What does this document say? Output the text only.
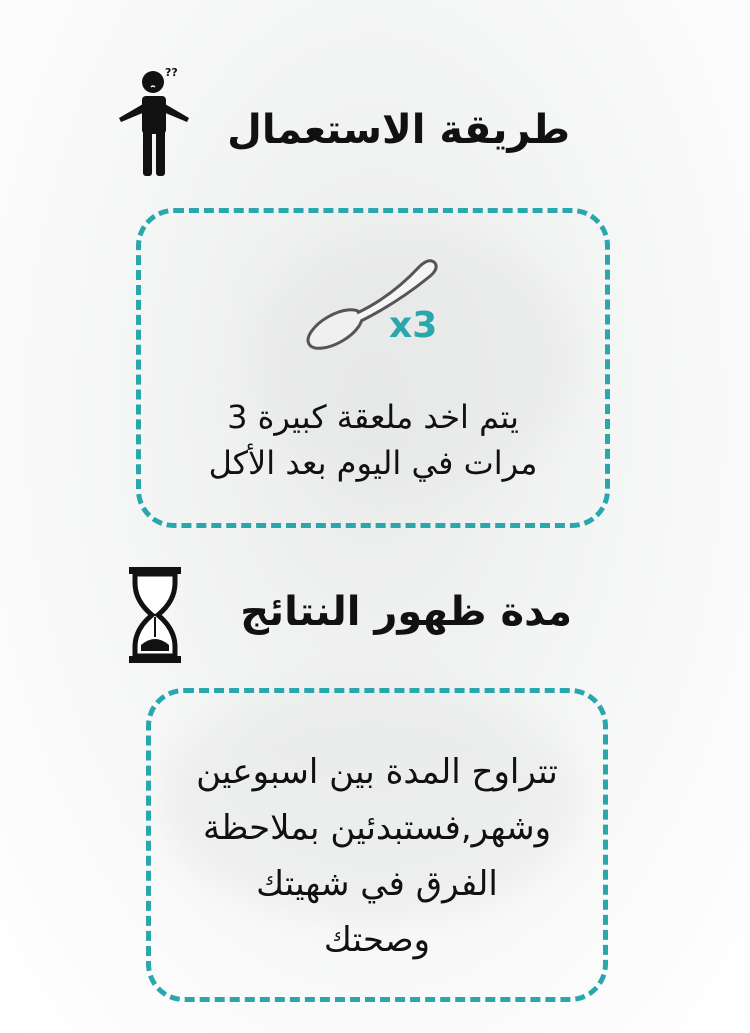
طريقة الاستعمال
??
x3
يتم اخد ملعقة كبيرة 3
مرات في اليوم بعد الأكل
مدة ظهور النتائج
تتراوح المدة بين اسبوعين
وشهر,فستبدئين بملاحظة
الفرق في شهيتك
وصحتك
